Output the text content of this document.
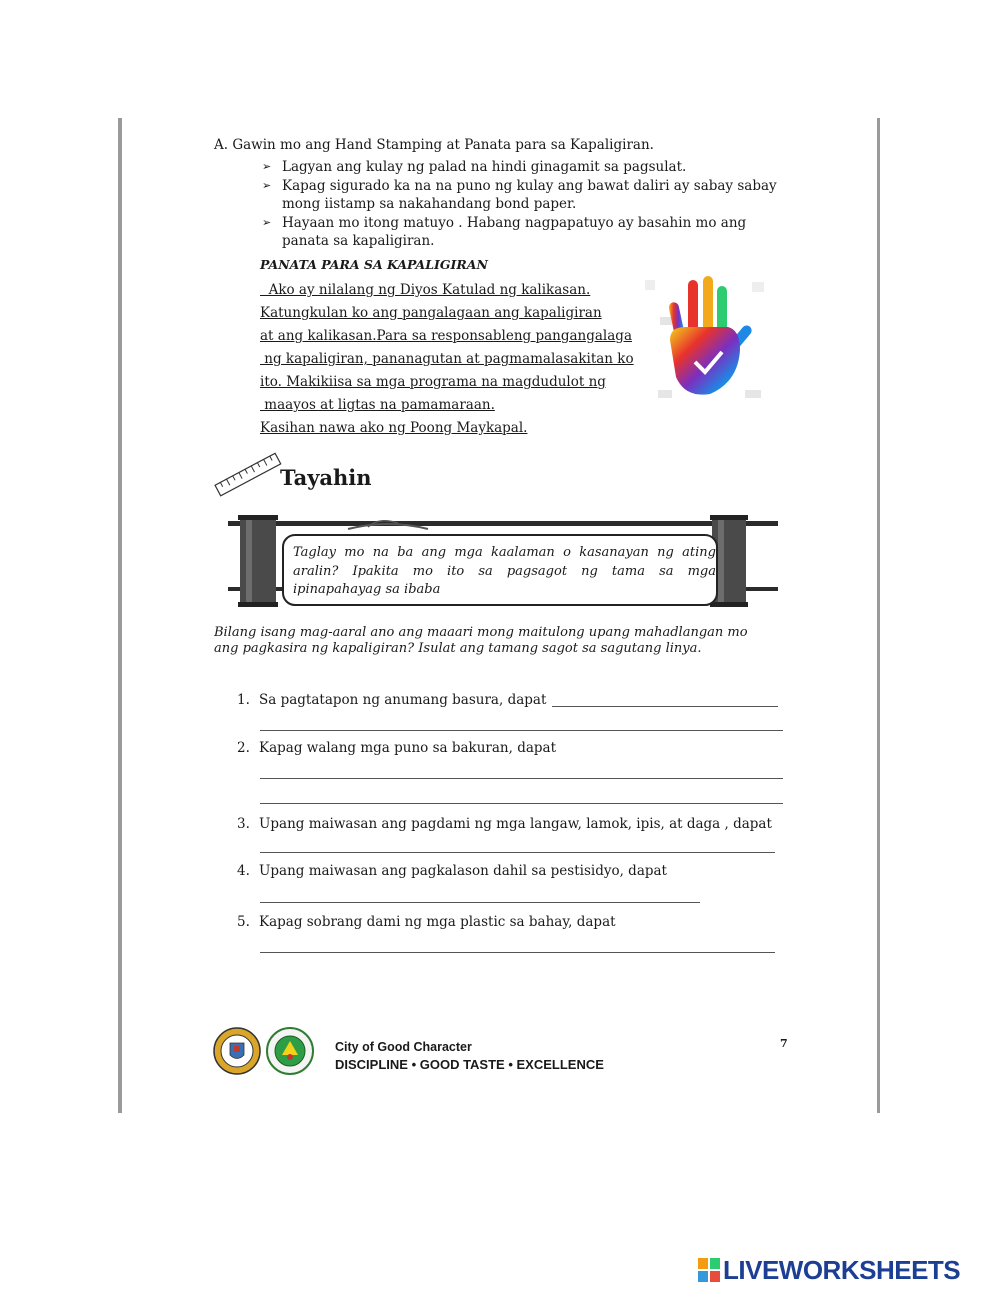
A. Gawin mo ang Hand Stamping at Panata para sa Kapaligiran.
➢ Lagyan ang kulay ng palad na hindi ginagamit sa pagsulat.
➢ Kapag sigurado ka na na puno ng kulay ang bawat daliri ay sabay sabay mong iistamp sa nakahandang bond paper.
➢ Hayaan mo itong matuyo . Habang nagpapatuyo ay basahin mo ang panata sa kapaligiran.
PANATA PARA SA KAPALIGIRAN
Ako ay nilalang ng Diyos Katulad ng kalikasan.
Katungkulan ko ang pangalagaan ang kapaligiran
at ang kalikasan.Para sa responsableng pangangalaga
ng kapaligiran, pananagutan at pagmamalasakitan ko
ito. Makikiisa sa mga programa na magdudulot ng
maayos at ligtas na pamamaraan.
Kasihan nawa ako ng Poong Maykapal.
Tayahin
Taglay mo na ba ang mga kaalaman o kasanayan ng ating aralin? Ipakita mo ito sa pagsagot ng tama sa mga ipinapahayag sa ibaba
Bilang isang mag-aaral ano ang maaari mong maitulong upang mahadlangan mo ang pagkasira ng kapaligiran? Isulat ang tamang sagot sa sagutang linya.
1. Sa pagtatapon ng anumang basura, dapat
2. Kapag walang mga puno sa bakuran, dapat
3. Upang maiwasan ang pagdami ng mga langaw, lamok, ipis, at daga , dapat
4. Upang maiwasan ang pagkalason dahil sa pestisidyo, dapat
5. Kapag sobrang dami ng mga plastic sa bahay, dapat
City of Good Character
DISCIPLINE • GOOD TASTE • EXCELLENCE
7
LIVEWORKSHEETS
